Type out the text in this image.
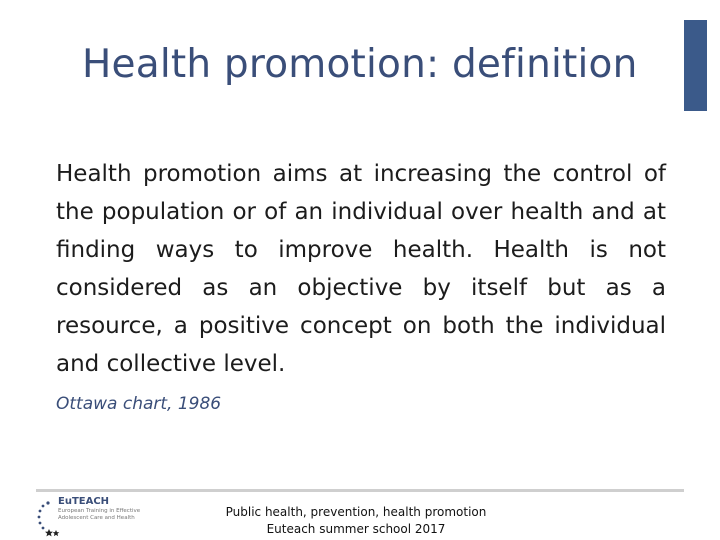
Health promotion: definition
Health promotion aims at increasing the control of the population or of an individual over health and at finding ways to improve health. Health is not considered as an objective by itself but as a resource, a positive concept on both the individual and collective level.
Ottawa chart, 1986
EuTEACH
European Training in Effective Adolescent Care and Health	Public health, prevention, health promotion
Euteach summer school 2017
